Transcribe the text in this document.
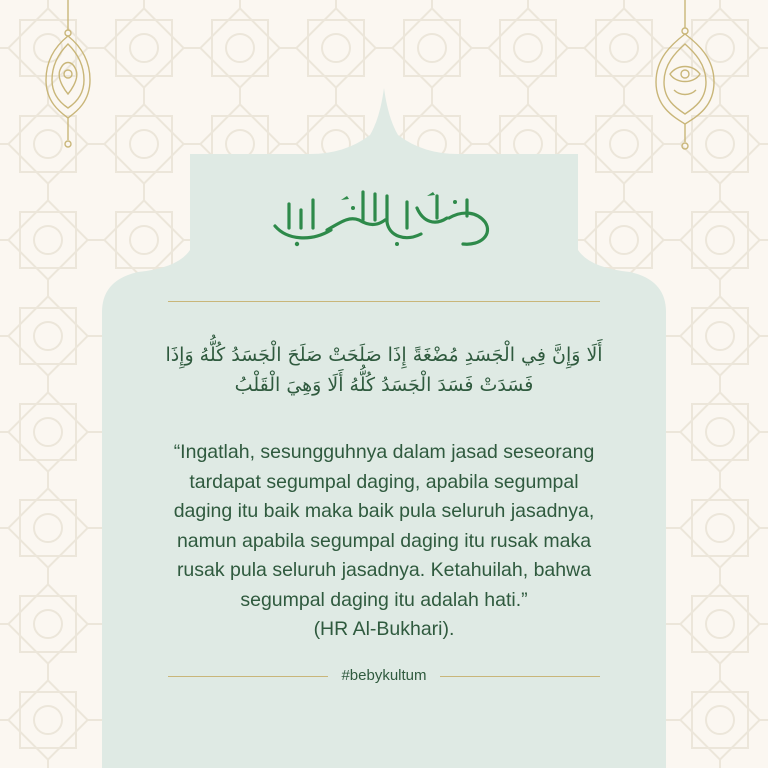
أَلَا وَإِنَّ فِي الْجَسَدِ مُضْغَةً إِذَا صَلَحَتْ صَلَحَ الْجَسَدُ كُلُّهُ وَإِذَا
فَسَدَتْ فَسَدَ الْجَسَدُ كُلُّهُ أَلَا وَهِيَ الْقَلْبُ

“Ingatlah, sesungguhnya dalam jasad seseorang

tardapat segumpal daging, apabila segumpal

daging itu baik maka baik pula seluruh jasadnya,

namun apabila segumpal daging itu rusak maka

rusak pula seluruh jasadnya. Ketahuilah, bahwa

segumpal daging itu adalah hati.”

(HR Al-Bukhari).

#bebykultum
